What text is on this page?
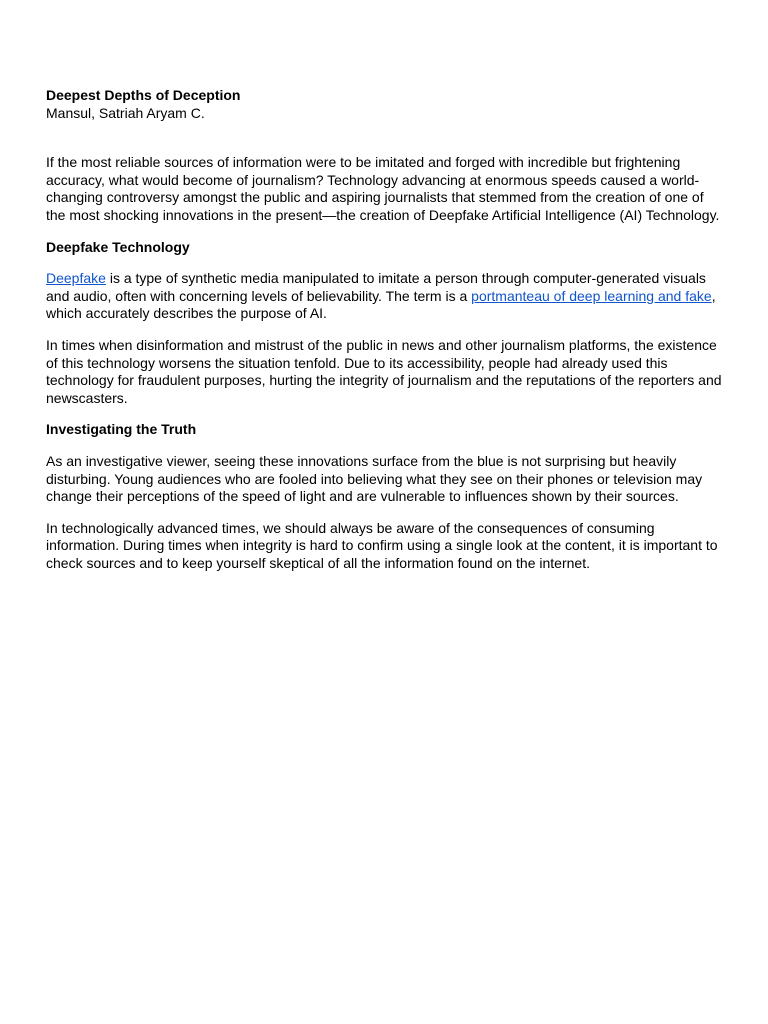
Deepest Depths of Deception

Mansul, Satriah Aryam C.

If the most reliable sources of information were to be imitated and forged with incredible but frightening accuracy, what would become of journalism? Technology advancing at enormous speeds caused a world-changing controversy amongst the public and aspiring journalists that stemmed from the creation of one of the most shocking innovations in the present—the creation of Deepfake Artificial Intelligence (AI) Technology.

Deepfake Technology

Deepfake is a type of synthetic media manipulated to imitate a person through computer-generated visuals and audio, often with concerning levels of believability. The term is a portmanteau of deep learning and fake, which accurately describes the purpose of AI.

In times when disinformation and mistrust of the public in news and other journalism platforms, the existence of this technology worsens the situation tenfold. Due to its accessibility, people had already used this technology for fraudulent purposes, hurting the integrity of journalism and the reputations of the reporters and newscasters.

Investigating the Truth

As an investigative viewer, seeing these innovations surface from the blue is not surprising but heavily disturbing. Young audiences who are fooled into believing what they see on their phones or television may change their perceptions of the speed of light and are vulnerable to influences shown by their sources.

In technologically advanced times, we should always be aware of the consequences of consuming information. During times when integrity is hard to confirm using a single look at the content, it is important to check sources and to keep yourself skeptical of all the information found on the internet.
